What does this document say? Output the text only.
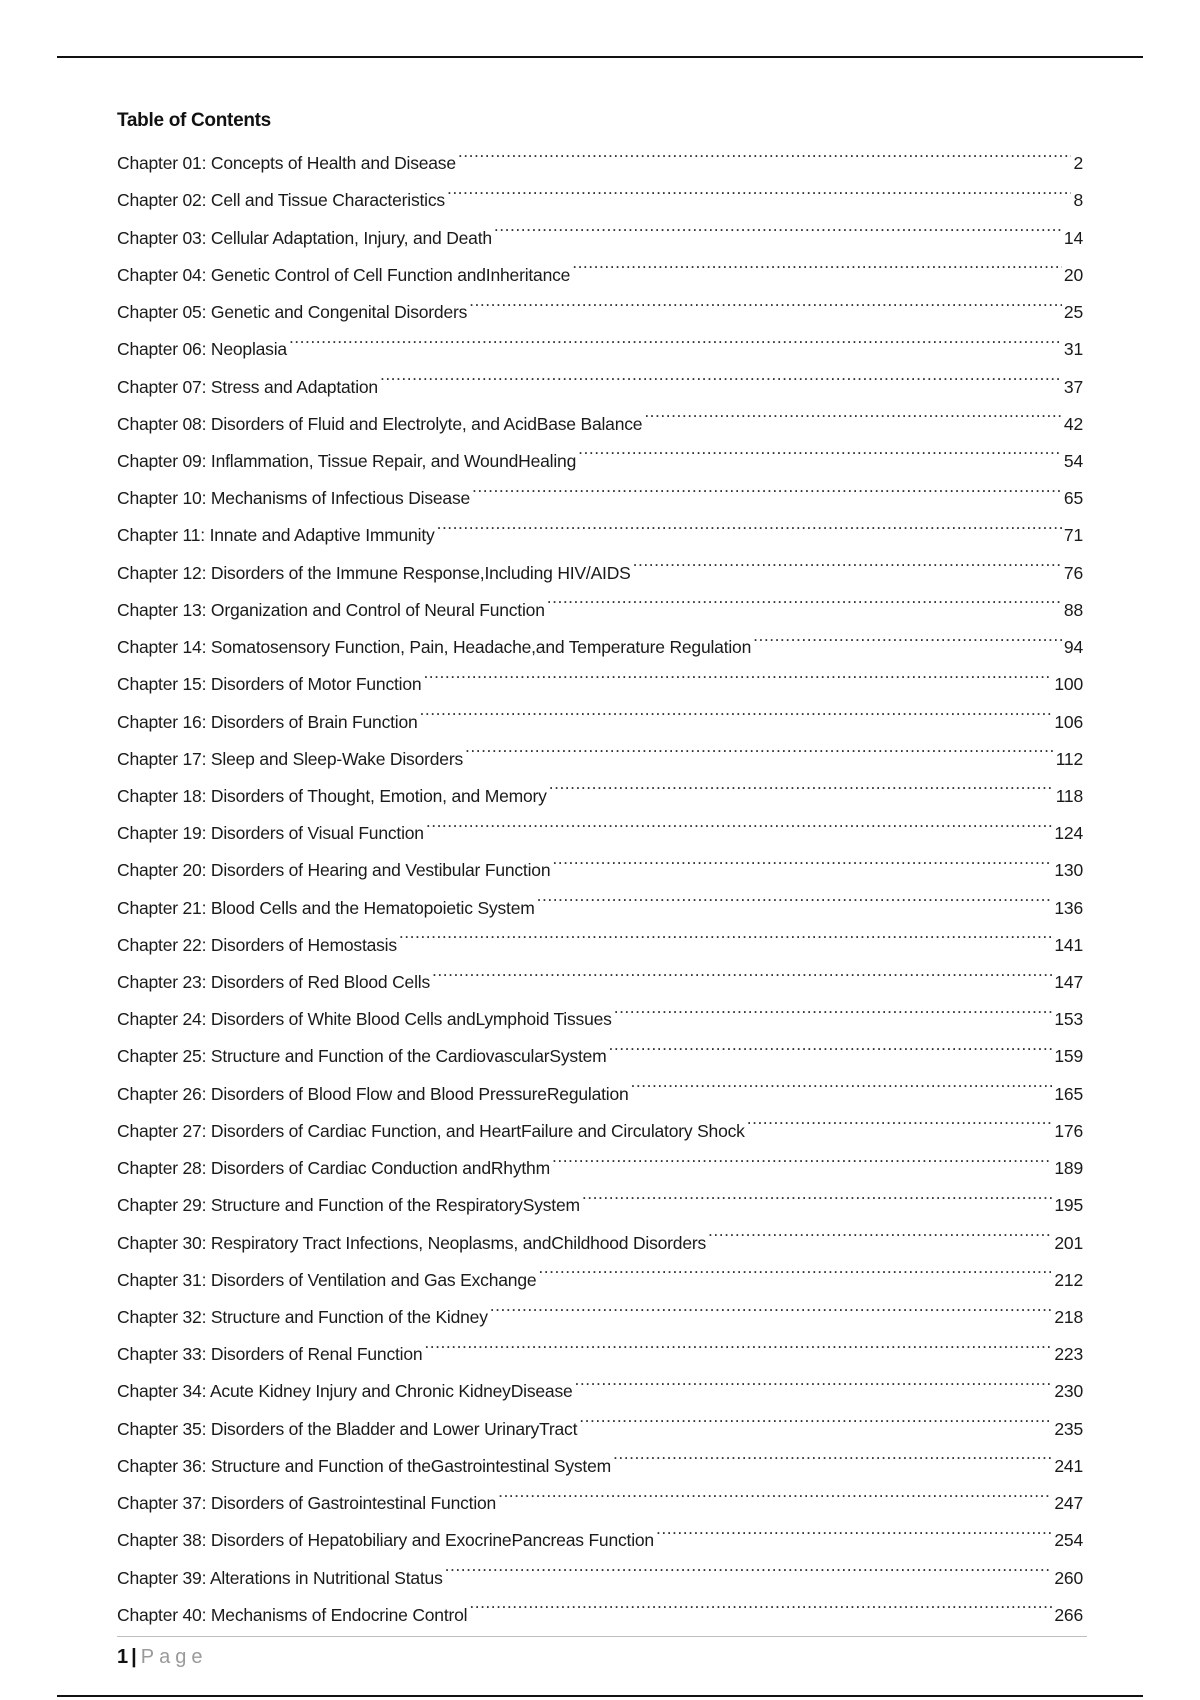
Table of Contents
Chapter 01: Concepts of Health and Disease .....	2
Chapter 02: Cell and Tissue Characteristics .....	8
Chapter 03: Cellular Adaptation, Injury, and Death .....	14
Chapter 04: Genetic Control of Cell Function andInheritance .....	20
Chapter 05: Genetic and Congenital Disorders .....	25
Chapter 06: Neoplasia .....	31
Chapter 07: Stress and Adaptation .....	37
Chapter 08: Disorders of Fluid and Electrolyte, and AcidBase Balance .....	42
Chapter 09: Inflammation, Tissue Repair, and WoundHealing .....	54
Chapter 10: Mechanisms of Infectious Disease .....	65
Chapter 11: Innate and Adaptive Immunity .....	71
Chapter 12: Disorders of the Immune Response,Including HIV/AIDS .....	76
Chapter 13: Organization and Control of Neural Function .....	88
Chapter 14: Somatosensory Function, Pain, Headache,and Temperature Regulation .....	94
Chapter 15: Disorders of Motor Function .....	100
Chapter 16: Disorders of Brain Function .....	106
Chapter 17: Sleep and Sleep-Wake Disorders .....	112
Chapter 18: Disorders of Thought, Emotion, and Memory .....	118
Chapter 19: Disorders of Visual Function .....	124
Chapter 20: Disorders of Hearing and Vestibular Function .....	130
Chapter 21: Blood Cells and the Hematopoietic System .....	136
Chapter 22: Disorders of Hemostasis .....	141
Chapter 23: Disorders of Red Blood Cells .....	147
Chapter 24: Disorders of White Blood Cells andLymphoid Tissues .....	153
Chapter 25: Structure and Function of the CardiovascularSystem .....	159
Chapter 26: Disorders of Blood Flow and Blood PressureRegulation .....	165
Chapter 27: Disorders of Cardiac Function, and HeartFailure and Circulatory Shock .....	176
Chapter 28: Disorders of Cardiac Conduction andRhythm .....	189
Chapter 29: Structure and Function of the RespiratorySystem .....	195
Chapter 30: Respiratory Tract Infections, Neoplasms, andChildhood Disorders .....	201
Chapter 31: Disorders of Ventilation and Gas Exchange .....	212
Chapter 32: Structure and Function of the Kidney .....	218
Chapter 33: Disorders of Renal Function .....	223
Chapter 34: Acute Kidney Injury and Chronic KidneyDisease .....	230
Chapter 35: Disorders of the Bladder and Lower UrinaryTract .....	235
Chapter 36: Structure and Function of theGastrointestinal System .....	241
Chapter 37: Disorders of Gastrointestinal Function .....	247
Chapter 38: Disorders of Hepatobiliary and ExocrinePancreas Function .....	254
Chapter 39: Alterations in Nutritional Status .....	260
Chapter 40: Mechanisms of Endocrine Control .....	266
1 | Page
